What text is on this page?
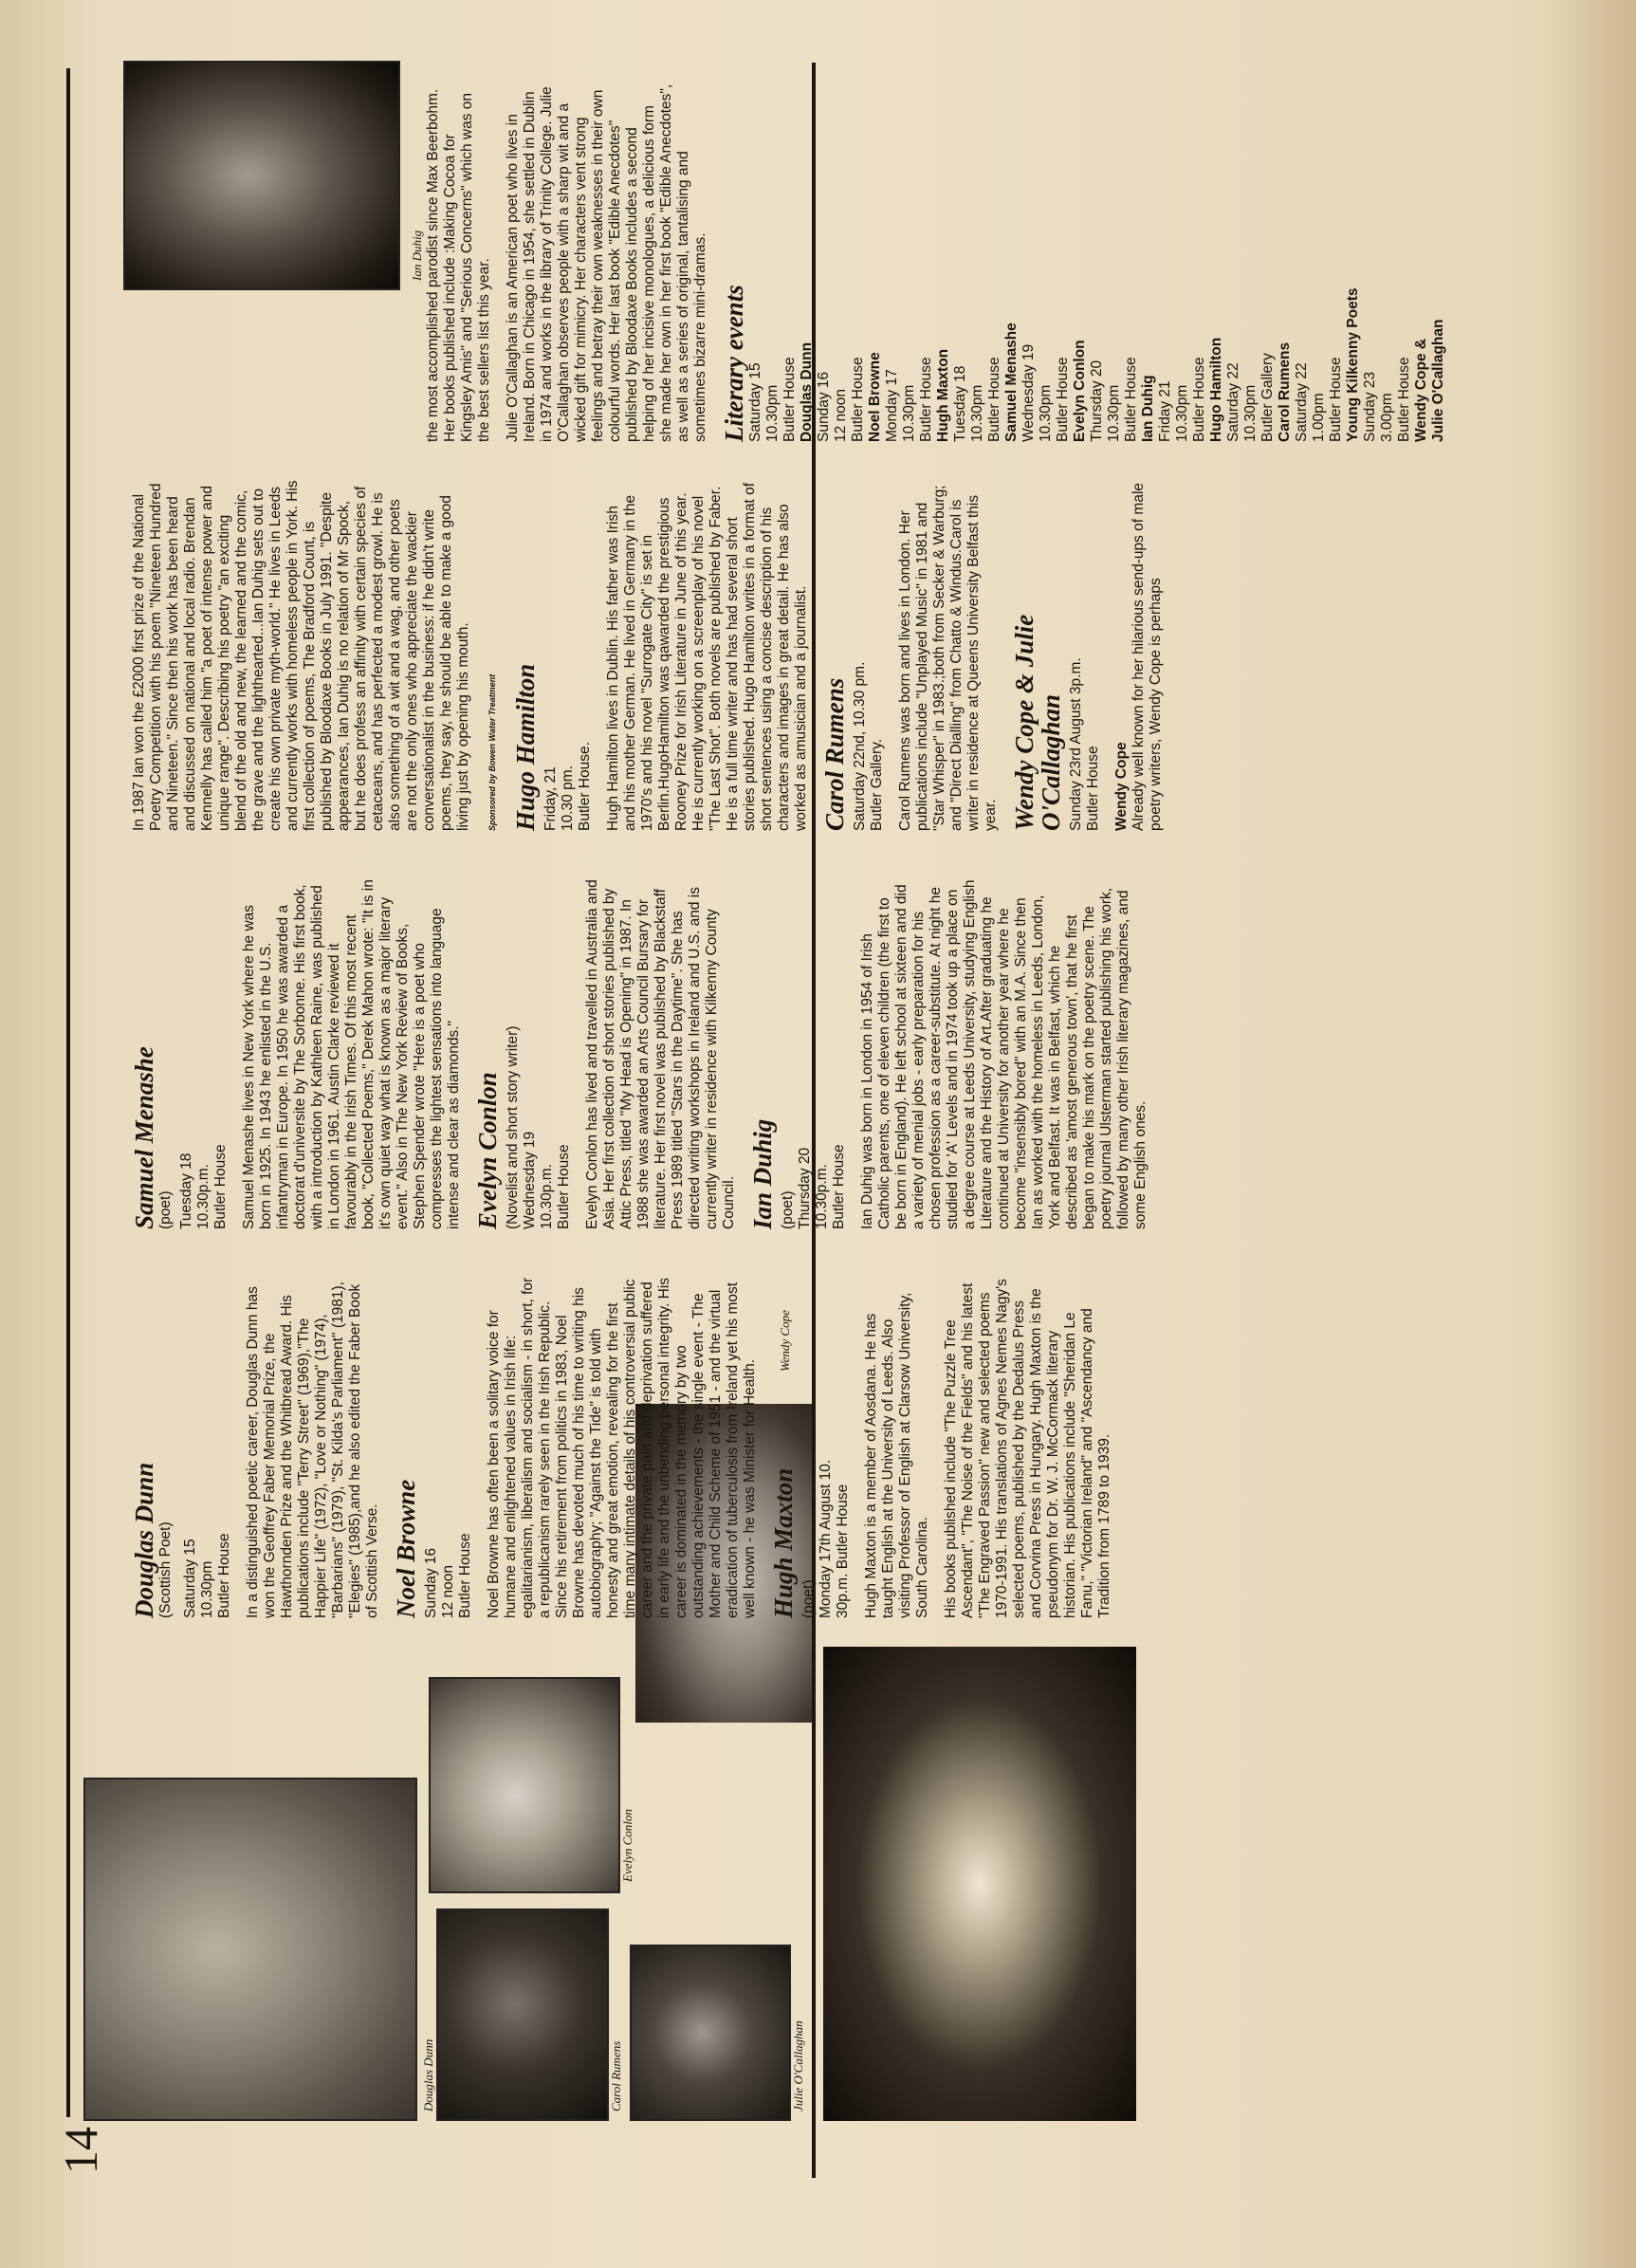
14
Douglas Dunn	Carol Rumens
Evelyn Conlon
Julie O'Callaghan
Wendy Cope
Samuel Menashe
Ian Duhig
Douglas Dunn (Scottish Poet) Saturday 15 10.30pm Butler House In a distinguished poetic career, Douglas Dunn has won the Geoffrey Faber Memorial Prize, the Hawthornden Prize and the Whitbread Award. His publications include "Terry Street" (1969),"The Happier Life" (1972), "Love or Nothing" (1974), "Barbarians" (1979), "St. Kilda's Parliament" (1981), "Elegies" (1985),and he also edited the Faber Book of Scottish Verse. Noel Browne Sunday 16 12 noon Butler House Noel Browne has often been a solitary voice for humane and enlightened values in Irish life: egalitarianism, liberalism and socialism - in short, for a republicanism rarely seen in the Irish Republic. Since his retirement from politics in 1983, Noel Browne has devoted much of his time to writing his autobiography; "Against the Tide" is told with honesty and great emotion, revealing for the first time many intimate details of his controversial public career and the private pain and deprivation suffered in early life and the unbending personal integrity. His career is dominated in the memory by two outstanding achievements - the single event - The Mother and Child Scheme of 1951 - and the virtual eradication of tuberculosis from Ireland yet his most well known - he was Minister for Health. Hugh Maxton (poet) Monday 17th August 10. 30p.m. Butler House Hugh Maxton is a member of Aosdana. He has taught English at the University of Leeds. Also visiting Professor of English at Clarsow University, South Carolina. His books published include "The Puzzle Tree Ascendant", "The Noise of the Fields" and his latest "The Engraved Passion" new and selected poems 1970-1991. His translations of Agnes Nemes Nagy's selected poems, published by the Dedalus Press and Corvina Press in Hungary. Hugh Maxton is the pseudonym for Dr. W. J. McCormack literary historian. His publications include "Sheridan Le Fanu," "Victorian Ireland" and "Ascendancy and Tradition from 1789 to 1939.

Samuel Menashe (poet) Tuesday 18 10.30p.m. Butler House Samuel Menashe lives in New York where he was born in 1925. In 1943 he enlisted in the U.S. infantryman in Europe. In 1950 he was awarded a doctorat d'universite by The Sorbonne. His first book, with a introduction by Kathleen Raine, was published in London in 1961. Austin Clarke reviewed it favourably in the Irish Times. Of this most recent book, "Collected Poems," Derek Mahon wrote: "It is in it's own quiet way what is known as a major literary event." Also in The New York Review of Books, Stephen Spender wrote "Here is a poet who compresses the lightest sensations into language intense and clear as diamonds." Evelyn Conlon (Novelist and short story writer) Wednesday 19 10.30p.m. Butler House Evelyn Conlon has lived and travelled in Australia and Asia. Her first collection of short stories published by Attic Press, titled "My Head is Opening" in 1987. In 1988 she was awarded an Arts Council Bursary for literature. Her first novel was published by Blackstaff Press 1989 titled "Stars in the Daytime". She has directed writing workshops in Ireland and U.S. and is currently writer in residence with Kilkenny County Council. Ian Duhig (poet) Thursday 20 10.30p.m. Butler House Ian Duhig was born in London in 1954 of Irish Catholic parents, one of eleven children (the first to be born in England). He left school at sixteen and did a variety of menial jobs - early preparation for his chosen profession as a career-substitute. At night he studied for 'A' Levels and in 1974 took up a place on a degree course at Leeds University, studying English Literature and the History of Art.After graduating he continued at University for another year where he become "insensibly bored" with an M.A. Since then Ian as worked with the homeless in Leeds, London, York and Belfast. It was in Belfast, which he described as 'amost generous town', that he first began to make his mark on the poetry scene. The poetry journal Ulsterman started publishing his work, followed by many other Irish literary magazines, and some English ones.

In 1987 Ian won the £2000 first prize of the National Poetry Competition with his poem "Nineteen Hundred and Nineteen." Since then his work has been heard and discussed on national and local radio. Brendan Kennelly has called him "a poet of intense power and unique range". Describing his poetry "an exciting blend of the old and new, the learned and the comic, the grave and the lighthearted...Ian Duhig sets out to create his own private myth-world." He lives in Leeds and currently works with homeless people in York. His first collection of poems, The Bradford Count, is published by Bloodaxe Books in July 1991. "Despite appearances, Ian Duhig is no relation of Mr Spock, but he does profess an affinity with certain species of cetaceans, and has perfected a modest growl. He is also something of a wit and a wag, and other poets are not the only ones who appreciate the wackier conversationalist in the business: if he didn't write poems, they say, he should be able to make a good living just by opening his mouth.	Sponsored by Bowen Water Treatment Hugo Hamilton Friday, 21 10.30 pm. Butler House. Hugh Hamilton lives in Dublin. His father was Irish and his mother German. He lived in Germany in the 1970's and his novel "Surrogate City" is set in Berlin.HugoHamilton was qawarded the prestigious Rooney Prize for Irish Literature in June of this year. He is currently working on a screenplay of his novel "The Last Shot". Both novels are published by Faber. He is a full time writer and has had several short stories published. Hugo Hamilton writes in a format of short sentences using a concise description of his characters and images in great detail. He has also worked as amusician and a journalist. Carol Rumens Saturday 22nd, 10.30 pm. Butler Gallery. Carol Rumens was born and lives in London. Her publications include "Unplayed Music" in 1981 and "Star Whisper" in 1983.;both from Secker & Warburg; and "Direct Dialling" from Chatto & Windus.Carol is writer in residence at Queens University Belfast this year. Wendy Cope & Julie O'Callaghan Sunday 23rd August 3p.m. Butler House Wendy Cope Already well known for her hilarious send-ups of male poetry writers, Wendy Cope is perhaps

the most accomplished parodist since Max Beerbohm. Her books published include :Making Cocoa for Kingsley Amis" and "Serious Concerns" which was on the best sellers list this year. Julie O'Callaghan is an American poet who lives in Ireland. Born in Chicago in 1954, she settled in Dublin in 1974 and works in the library of Trinity College. Julie O'Callaghan observes people with a sharp wit and a wicked gift for mimicry. Her characters vent strong feelings and betray their own weaknesses in their own colourful words. Her last book "Edible Anecdotes" published by Bloodaxe Books includes a second helping of her incisive monologues, a delicious form she made her own in her first book "Edible Anecdotes", as well as a series of original, tantalising and sometimes bizarre mini-dramas. Literary events Saturday 15 10.30pm Butler House Douglas Dunn Sunday 16 12 noon Butler House Noel Browne Monday 17 10.30pm Butler House Hugh Maxton Tuesday 18 10.30pm Butler House Samuel Menashe Wednesday 19 10.30pm Butler House Evelyn Conlon Thursday 20 10.30pm Butler House Ian Duhig Friday 21 10.30pm Butler House Hugo Hamilton Saturday 22 10.30pm Butler Gallery Carol Rumens Saturday 22 1.00pm Butler House Young Kilkenny Poets Sunday 23 3.00pm Butler House Wendy Cope & Julie O'Callaghan
